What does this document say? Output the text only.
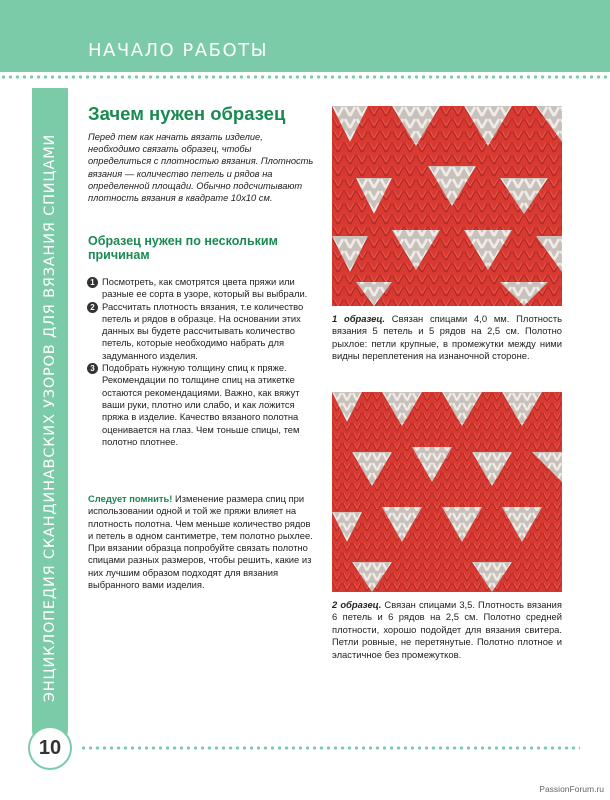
НАЧАЛО РАБОТЫ
ЭНЦИКЛОПЕДИЯ СКАНДИНАВСКИХ УЗОРОВ ДЛЯ ВЯЗАНИЯ СПИЦАМИ
10
Зачем нужен образец
Перед тем как начать вязать изделие, необходимо связать образец, чтобы определиться с плотностью вязания. Плотность вязания — количество петель и рядов на определенной площади. Обычно подсчитывают плотность вязания в квадрате 10x10 см.
Образец нужен по нескольким причинам
1 Посмотреть, как смотрятся цвета пряжи или разные ее сорта в узоре, который вы выбрали.
2 Рассчитать плотность вязания, т.е количество петель и рядов в образце. На основании этих данных вы будете рассчитывать количество петель, которые необходимо набрать для задуманного изделия.
3 Подобрать нужную толщину спиц к пряже. Рекомендации по толщине спиц на этикетке остаются рекомендациями. Важно, как вяжут ваши руки, плотно или слабо, и как ложится пряжа в изделие. Качество вязаного полотна оценивается на глаз. Чем тоньше спицы, тем полотно плотнее.
Следует помнить! Изменение размера спиц при использовании одной и той же пряжи влияет на плотность полотна. Чем меньше количество рядов и петель в одном сантиметре, тем полотно рыхлее. При вязании образца попробуйте связать полотно спицами разных размеров, чтобы решить, какие из них лучшим образом подходят для вязания выбранного вами изделия.
1 образец. Связан спицами 4,0 мм. Плотность вязания 5 петель и 5 рядов на 2,5 см. Полотно рыхлое: петли крупные, в промежутки между ними видны переплетения на изнаночной стороне.
2 образец. Связан спицами 3,5. Плотность вязания 6 петель и 6 рядов на 2,5 см. Полотно средней плотности, хорошо подойдет для вязания свитера. Петли ровные, не перетянутые. Полотно плотное и эластичное без промежутков.
PassionForum.ru
